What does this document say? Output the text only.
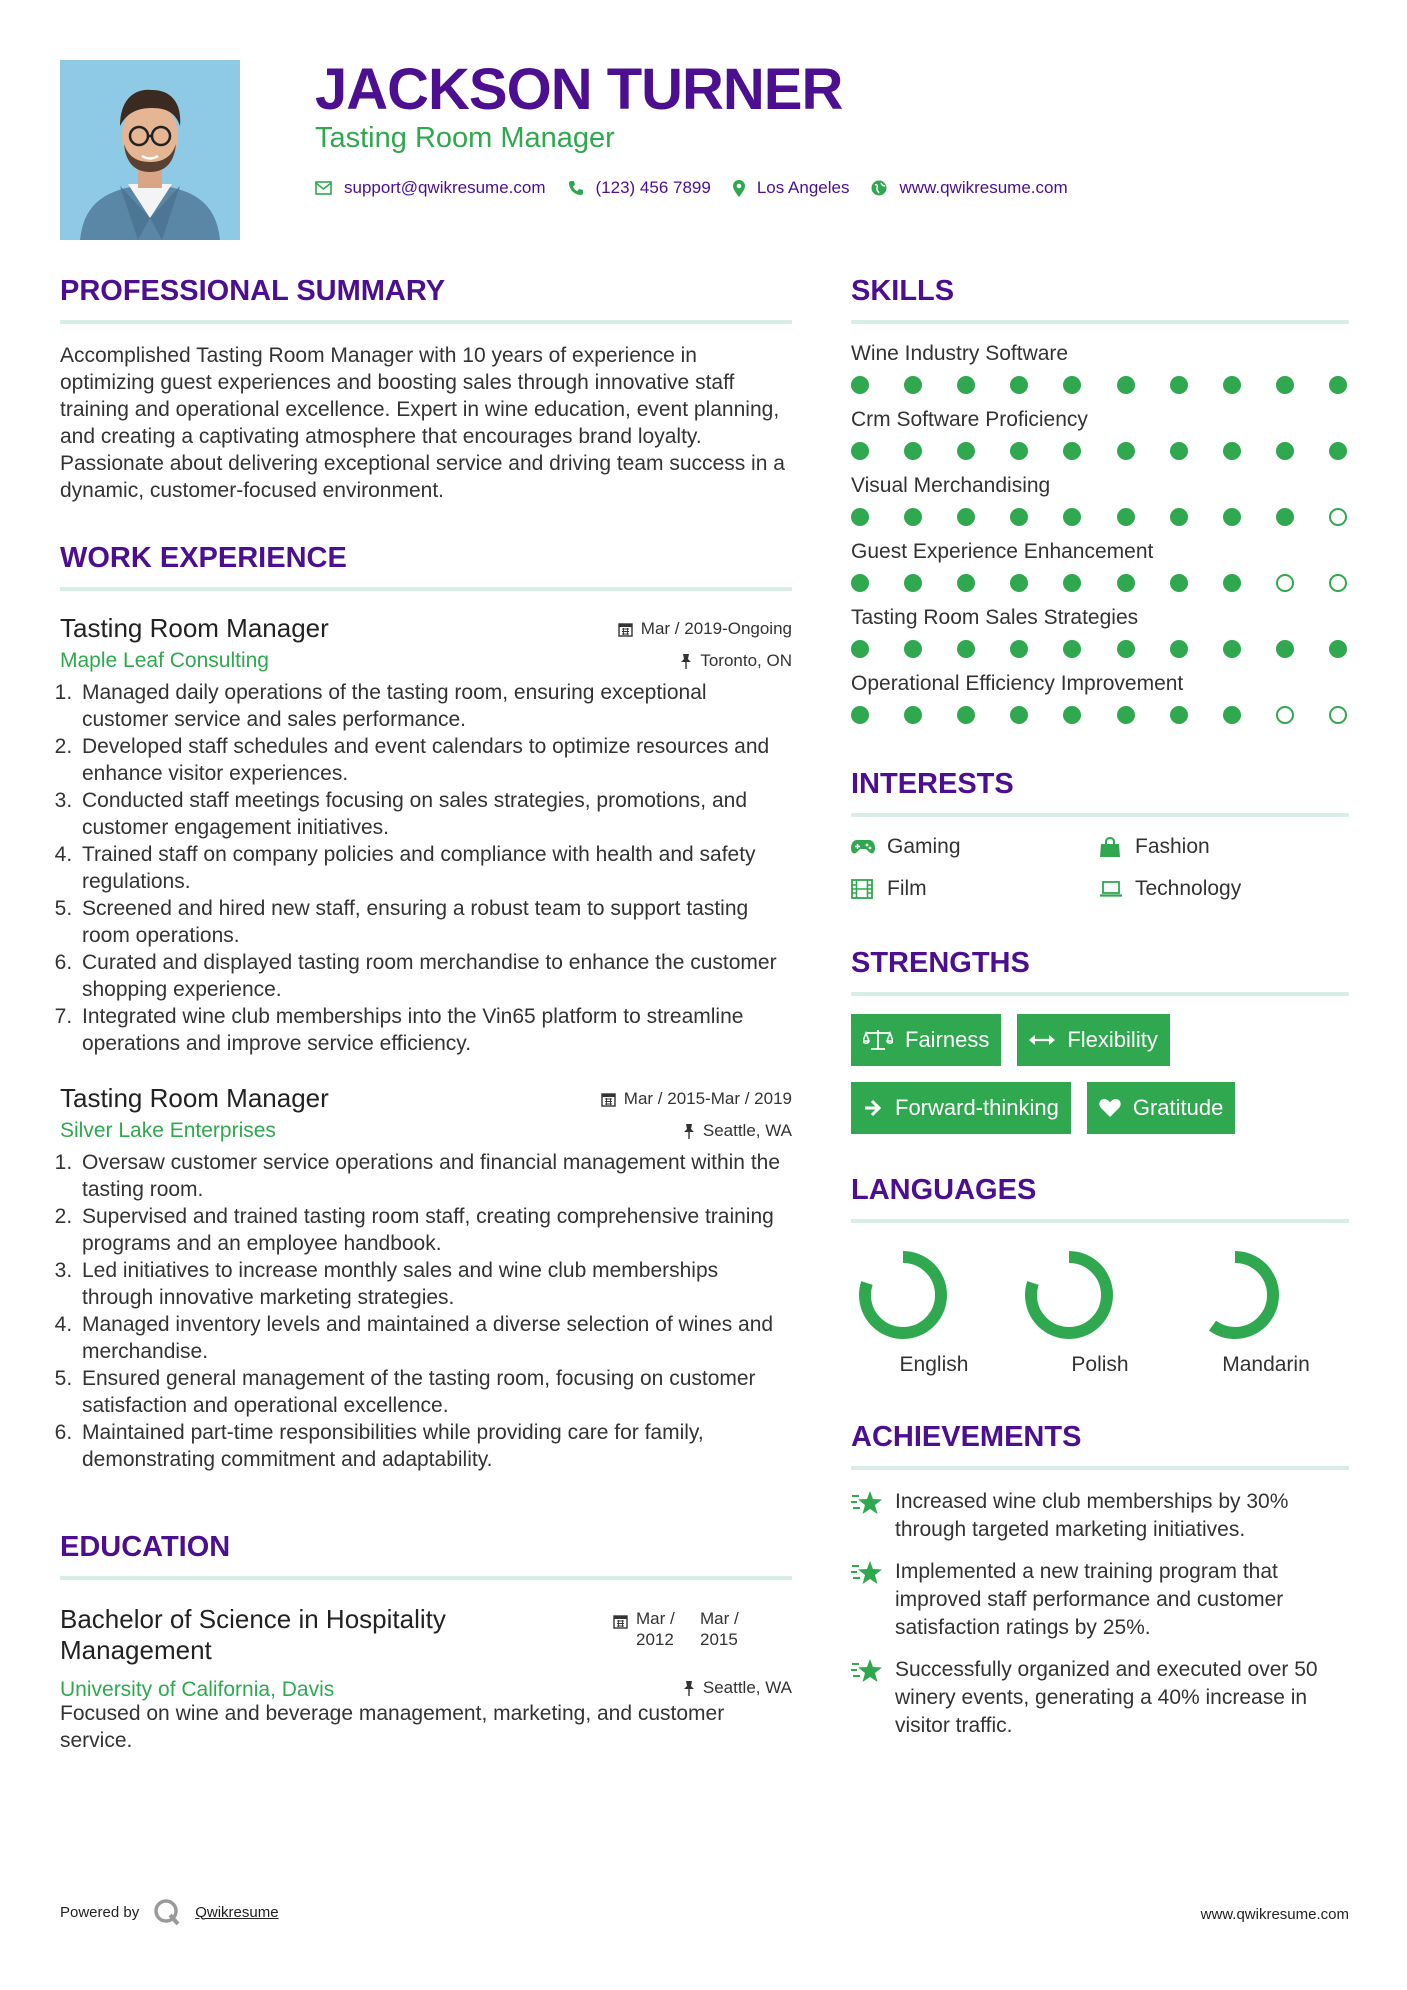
JACKSON TURNER
Tasting Room Manager
support@qwikresume.com	(123) 456 7899	Los Angeles	www.qwikresume.com
PROFESSIONAL SUMMARY
Accomplished Tasting Room Manager with 10 years of experience in optimizing guest experiences and boosting sales through innovative staff training and operational excellence. Expert in wine education, event planning, and creating a captivating atmosphere that encourages brand loyalty. Passionate about delivering exceptional service and driving team success in a dynamic, customer-focused environment.
WORK EXPERIENCE
Tasting Room Manager
Maple Leaf Consulting
Mar / 2019-Ongoing
Toronto, ON
1. Managed daily operations of the tasting room, ensuring exceptional customer service and sales performance.
2. Developed staff schedules and event calendars to optimize resources and enhance visitor experiences.
3. Conducted staff meetings focusing on sales strategies, promotions, and customer engagement initiatives.
4. Trained staff on company policies and compliance with health and safety regulations.
5. Screened and hired new staff, ensuring a robust team to support tasting room operations.
6. Curated and displayed tasting room merchandise to enhance the customer shopping experience.
7. Integrated wine club memberships into the Vin65 platform to streamline operations and improve service efficiency.
Tasting Room Manager
Silver Lake Enterprises
Mar / 2015-Mar / 2019
Seattle, WA
1. Oversaw customer service operations and financial management within the tasting room.
2. Supervised and trained tasting room staff, creating comprehensive training programs and an employee handbook.
3. Led initiatives to increase monthly sales and wine club memberships through innovative marketing strategies.
4. Managed inventory levels and maintained a diverse selection of wines and merchandise.
5. Ensured general management of the tasting room, focusing on customer satisfaction and operational excellence.
6. Maintained part-time responsibilities while providing care for family, demonstrating commitment and adaptability.
EDUCATION
Bachelor of Science in Hospitality Management
University of California, Davis
Mar / 2012
Mar / 2015
Seattle, WA
Focused on wine and beverage management, marketing, and customer service.
SKILLS
Wine Industry Software
Crm Software Proficiency
Visual Merchandising
Guest Experience Enhancement
Tasting Room Sales Strategies
Operational Efficiency Improvement
INTERESTS
Gaming	Fashion
Film	Technology
STRENGTHS
Fairness	Flexibility
Forward-thinking	Gratitude
LANGUAGES
English	Polish	Mandarin
ACHIEVEMENTS
Increased wine club memberships by 30% through targeted marketing initiatives.
Implemented a new training program that improved staff performance and customer satisfaction ratings by 25%.
Successfully organized and executed over 50 winery events, generating a 40% increase in visitor traffic.
Powered by	Qwikresume	www.qwikresume.com
